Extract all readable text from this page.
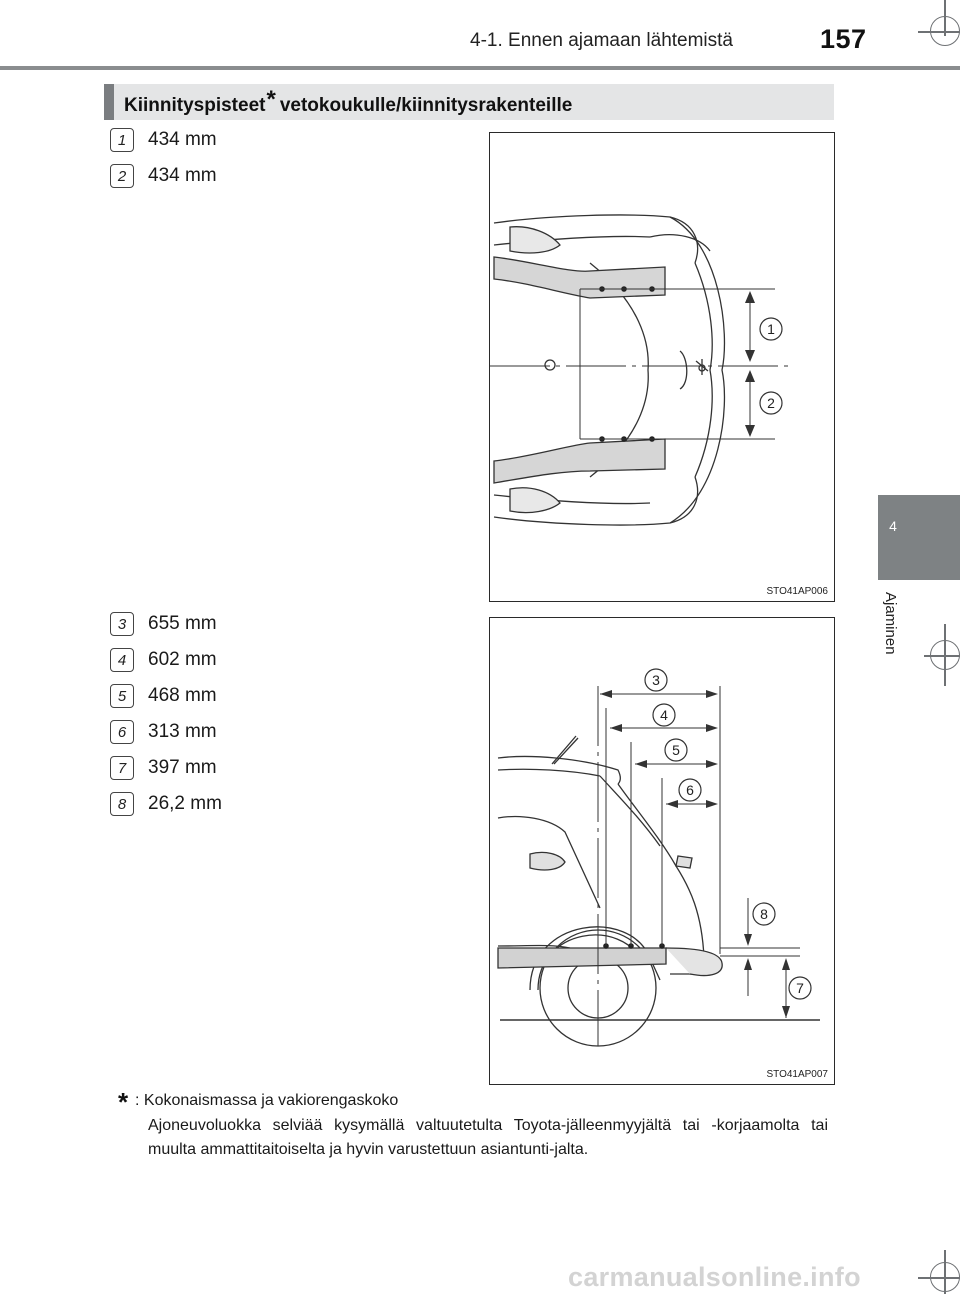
4-1. Ennen ajamaan lähtemistä	157
4
Ajaminen
Kiinnityspisteet* vetokoukulle/kiinnitysrakenteille
1	434 mm
2	434 mm
3	655 mm
4	602 mm
5	468 mm
6	313 mm
7	397 mm
8	26,2 mm
1
2
STO41AP006
3
4
5
6
8
7
STO41AP007
* : Kokonaismassa ja vakiorengaskoko
Ajoneuvoluokka selviää kysymällä valtuutetulta Toyota-jälleenmyyjältä tai -korjaamolta tai muulta ammattitaitoiselta ja hyvin varustettuun asiantunti-jalta.
carmanualsonline.info
